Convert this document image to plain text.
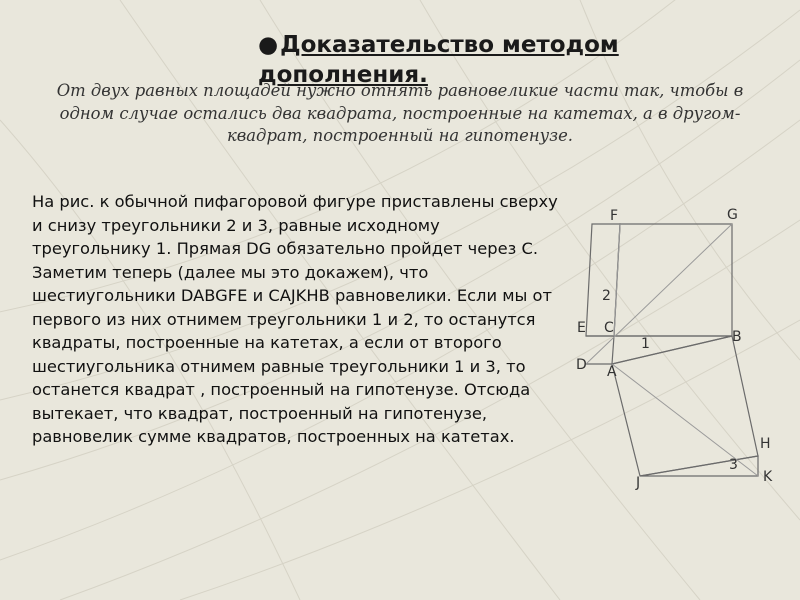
●Доказательство методом дополнения.
От двух равных площадей нужно отнять равновеликие части так, чтобы в одном случае остались два квадрата, построенные на катетах, а в другом- квадрат, построенный на гипотенузе.
На рис. к обычной пифагоровой фигуре приставлены сверху и снизу треугольники 2 и 3, равные исходному треугольнику 1. Прямая DG обязательно пройдет через С. Заметим теперь (далее мы это докажем), что шестиугольники DABGFE и CAJKHB равновелики. Если мы от первого из них отнимем треугольники 1 и 2, то останутся квадраты, построенные на катетах, а если от второго шестиугольника отнимем равные треугольники 1 и 3, то останется квадрат , построенный на гипотенузе. Отсюда вытекает, что квадрат, построенный на гипотенузе, равновелик сумме квадратов, построенных на катетах.
F	G
E C
B
D A
H
K
J
1
2
3
